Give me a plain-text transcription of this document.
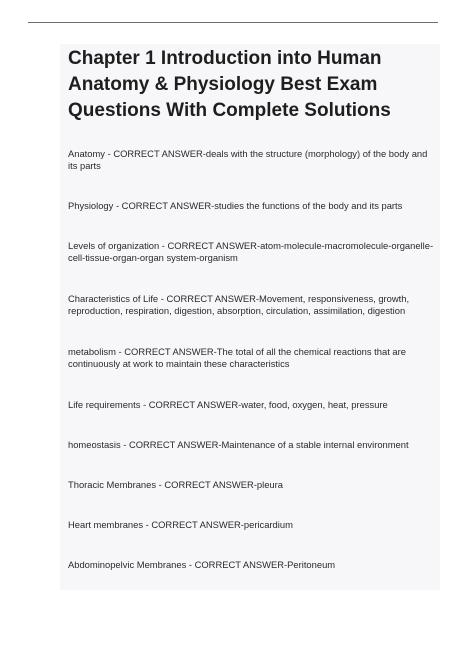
Chapter 1 Introduction into Human Anatomy & Physiology Best Exam Questions With Complete Solutions

Anatomy - CORRECT ANSWER-deals with the structure (morphology) of the body and its parts

Physiology - CORRECT ANSWER-studies the functions of the body and its parts

Levels of organization - CORRECT ANSWER-atom-molecule-macromolecule-organelle-cell-tissue-organ-organ system-organism

Characteristics of Life - CORRECT ANSWER-Movement, responsiveness, growth, reproduction, respiration, digestion, absorption, circulation, assimilation, digestion

metabolism - CORRECT ANSWER-The total of all the chemical reactions that are continuously at work to maintain these characteristics

Life requirements - CORRECT ANSWER-water, food, oxygen, heat, pressure

homeostasis - CORRECT ANSWER-Maintenance of a stable internal environment

Thoracic Membranes - CORRECT ANSWER-pleura

Heart membranes - CORRECT ANSWER-pericardium

Abdominopelvic Membranes - CORRECT ANSWER-Peritoneum
